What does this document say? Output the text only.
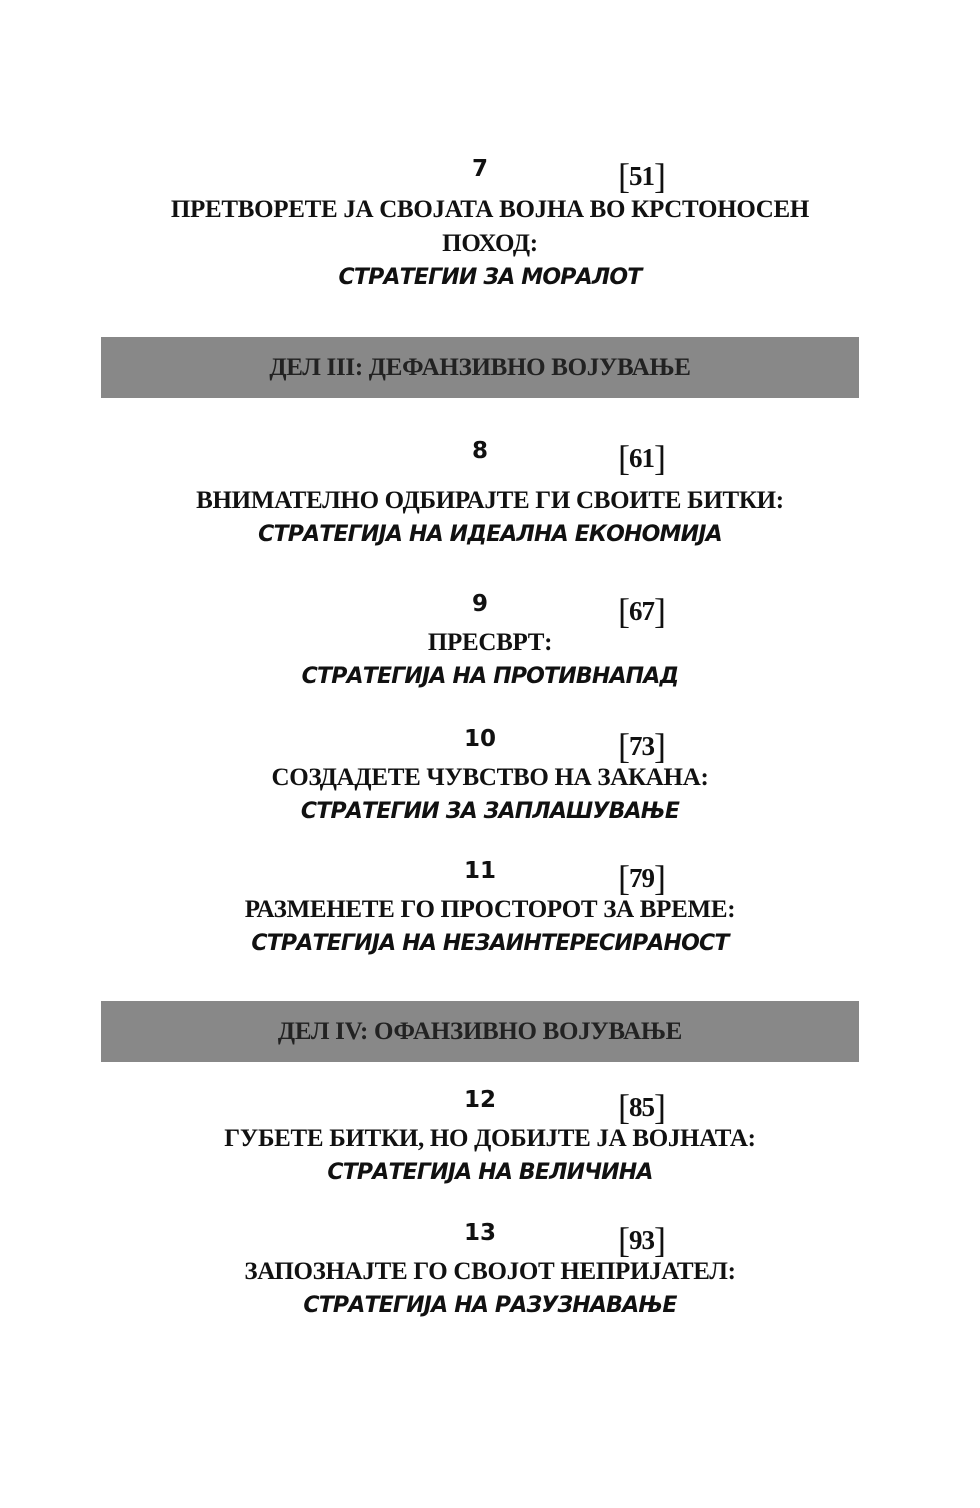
7	[51]
ПРЕТВОРЕТЕ ЈА СВОЈАТА ВОЈНА ВО КРСТОНОСЕН
ПОХОД:
СТРАТЕГИИ ЗА МОРАЛОТ
ДЕЛ III: ДЕФАНЗИВНО ВОЈУВАЊЕ
8	[61]
ВНИМАТЕЛНО ОДБИРАЈТЕ ГИ СВОИТЕ БИТКИ:
СТРАТЕГИЈА НА ИДЕАЛНА ЕКОНОМИЈА
9	[67]
ПРЕСВРТ:
СТРАТЕГИЈА НА ПРОТИВНАПАД
10	[73]
СОЗДАДЕТЕ ЧУВСТВО НА ЗАКАНА:
СТРАТЕГИИ ЗА ЗАПЛАШУВАЊЕ
11	[79]
РАЗМЕНЕТЕ ГО ПРОСТОРОТ ЗА ВРЕМЕ:
СТРАТЕГИЈА НА НЕЗАИНТЕРЕСИРАНОСТ
ДЕЛ IV: ОФАНЗИВНО ВОЈУВАЊЕ
12	[85]
ГУБЕТЕ БИТКИ, НО ДОБИЈТЕ ЈА ВОЈНАТА:
СТРАТЕГИЈА НА ВЕЛИЧИНА
13	[93]
ЗАПОЗНАЈТЕ ГО СВОЈОТ НЕПРИЈАТЕЛ:
СТРАТЕГИЈА НА РАЗУЗНАВАЊЕ
